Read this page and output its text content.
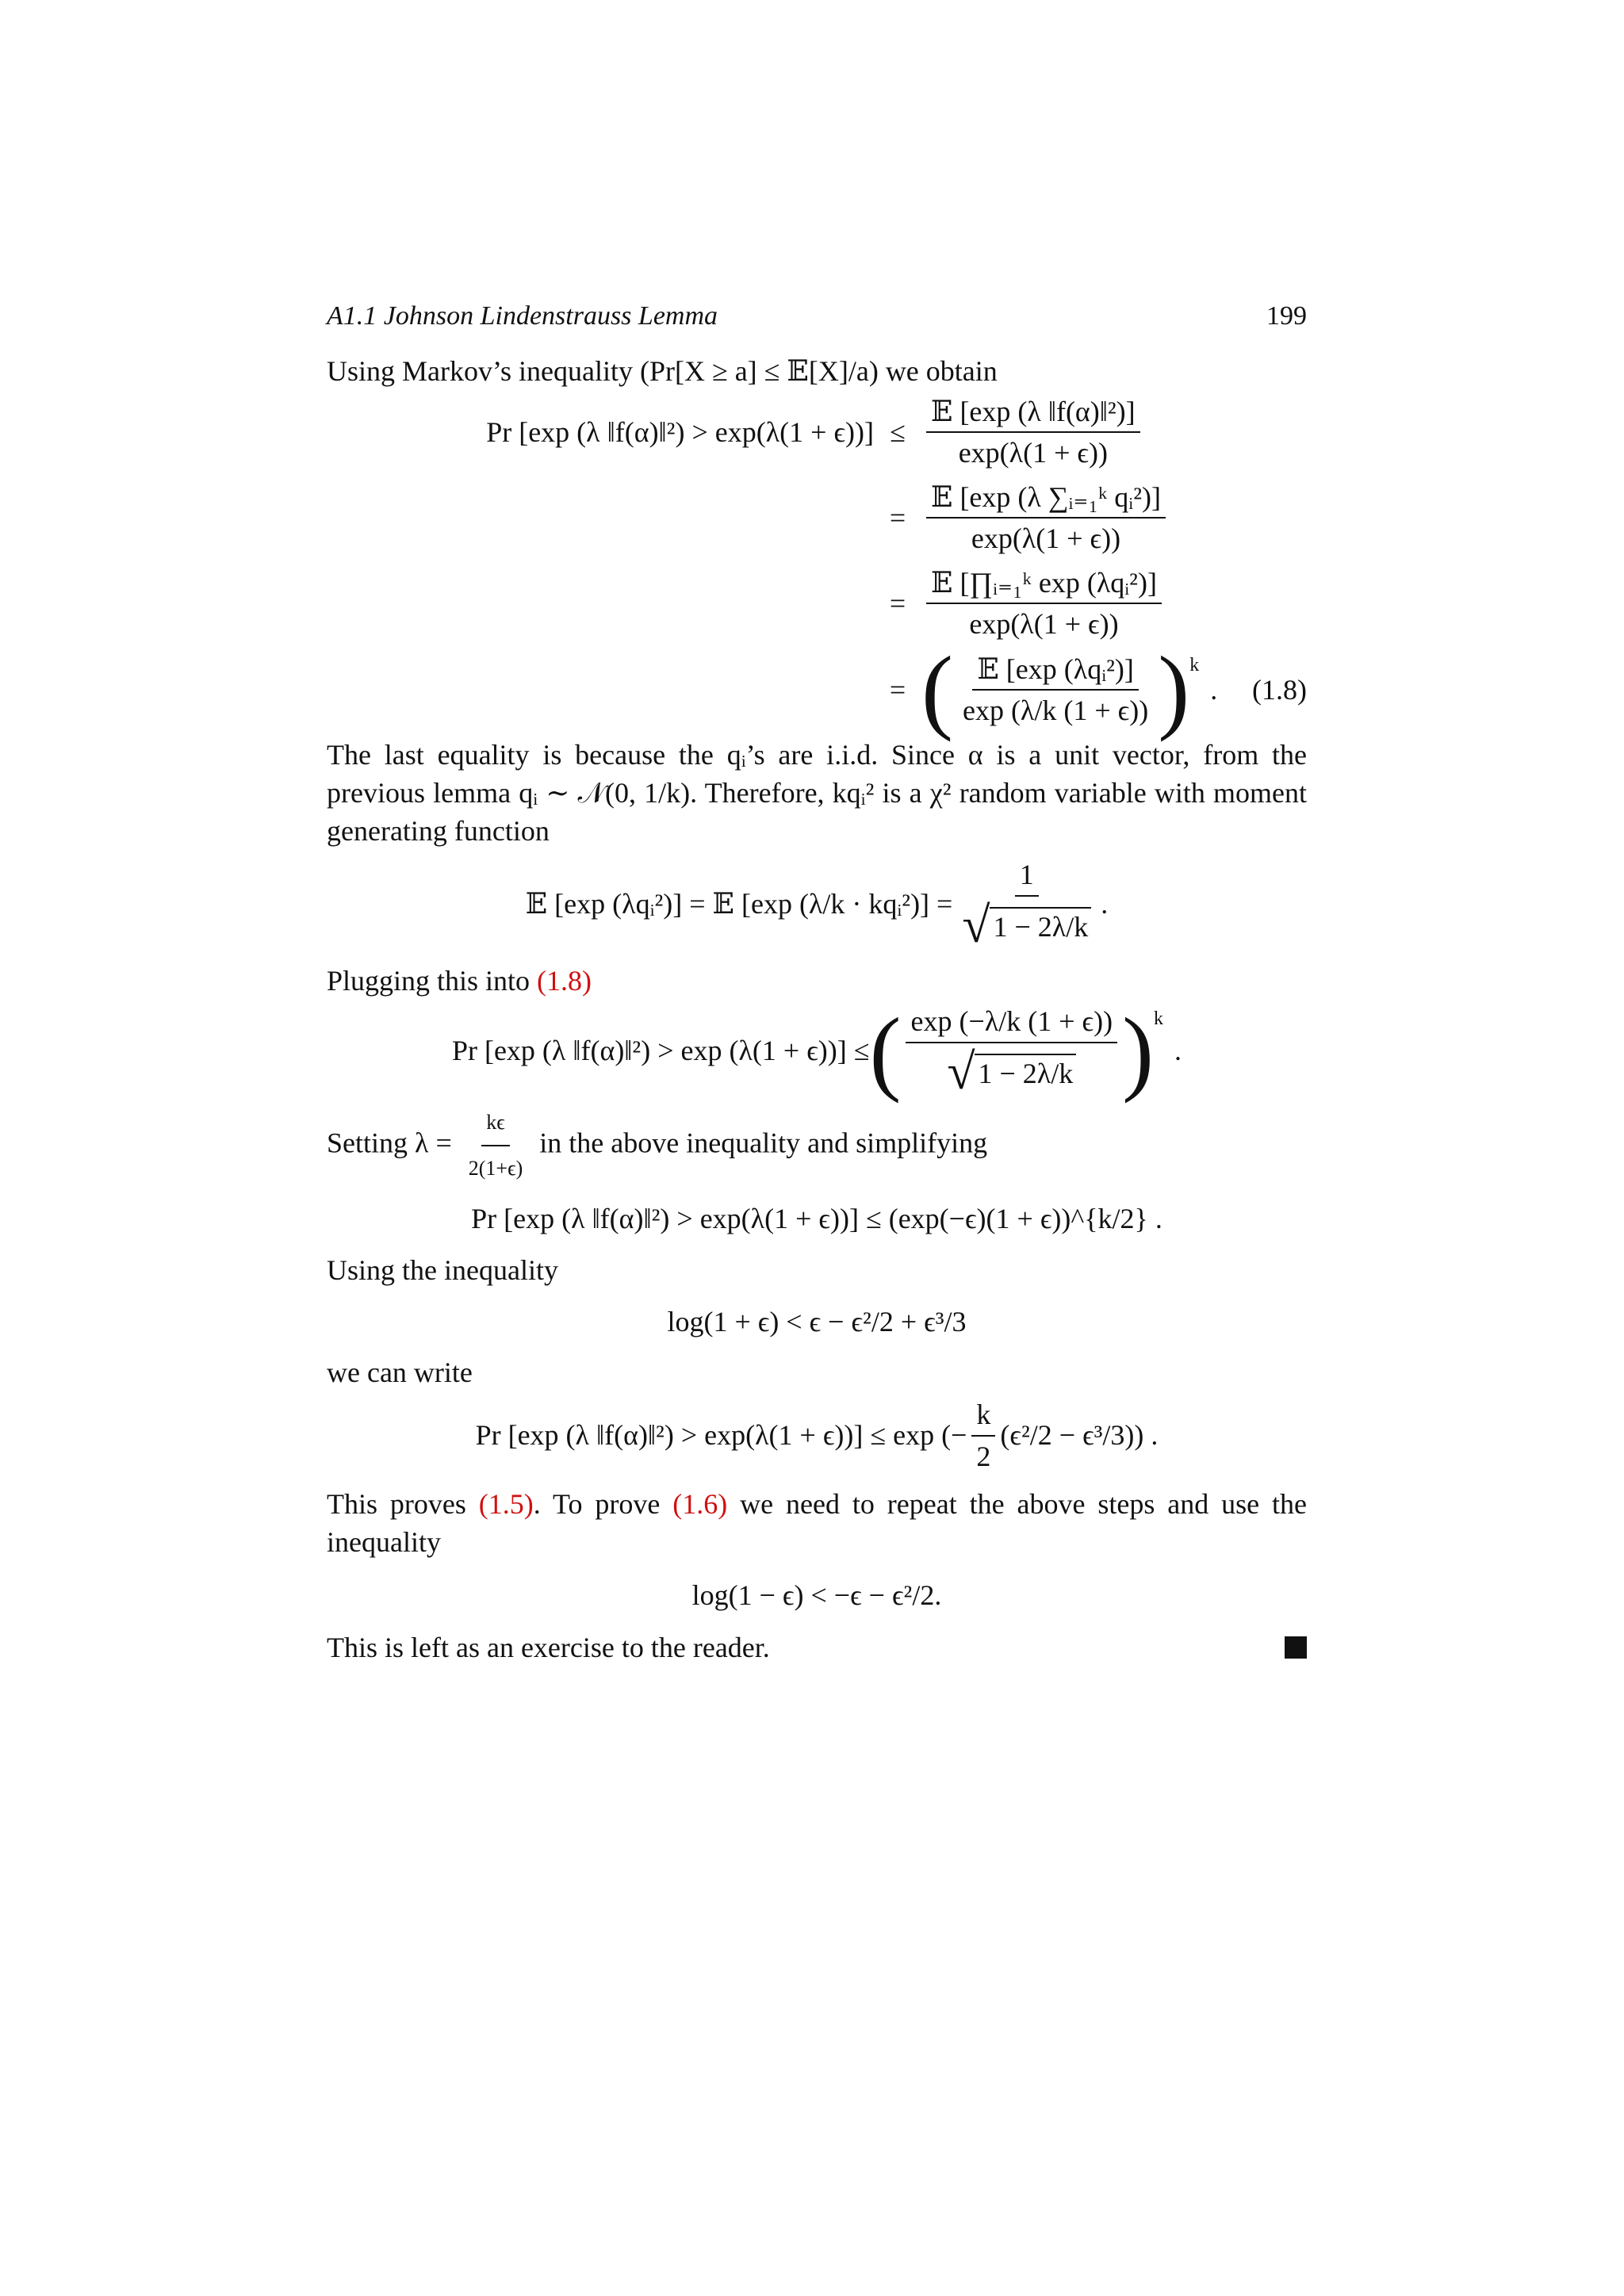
A1.1 Johnson Lindenstrauss Lemma	199

Using Markov’s inequality (Pr[X ≥ a] ≤ 𝔼[X]/a) we obtain

Pr [exp (λ ‖f(α)‖²) > $\exp(\lambda(1 + \epsilon))] \le \frac{\text{𝔼 [exp (λ ‖f(α)‖²)]}}{\exp(\lambda(1 + \epsilon))}$
= $\frac{\text{𝔼 [exp (λ ∑ᵢ₌₁ᵏ qᵢ²)]}}{\exp(\lambda(1 + \epsilon))}$
= $\frac{\text{𝔼 [∏ᵢ₌₁ᵏ exp (λqᵢ²)]}}{\exp(\lambda(1 + \epsilon))}$
= ( $\frac{\text{𝔼 [exp (λqᵢ²)]}}{\exp (\lambda/k (1 + \epsilon))}$ ) k
. (1.8)

The last equality is because the qᵢ’s are i.i.d. Since α is a unit vector, from the previous lemma qᵢ ∼ 𝒩(0, 1/k). Therefore, kqᵢ² is a χ² random variable with moment generating function

𝔼 [exp (λqᵢ²)] = 𝔼 [exp (λ/k · kqᵢ²)] = $\frac{1}{√ 1 - 2\lambda/k}$ .

Plugging this into (1.8)

Pr [exp (λ ‖f(α)‖²) > exp (λ(1 + ϵ))] ≤ ( $\frac{\exp (-\lambda/k (1 + \epsilon))}{√ 1 - 2\lambda/k}$ ) k
.

Setting $\lambda = \frac{k\epsilon}{2(1+\epsilon)}$ in the above inequality and simplifying

Pr [exp (λ ‖f(α)‖²) > exp(λ(1 + ϵ))] ≤ (exp(−ϵ)(1 + ϵ))^{k/2} .

Using the inequality

log(1 + ϵ) < ϵ − ϵ²/2 + ϵ³/3

we can write

Pr [exp (λ ‖f(α)‖²) > exp(λ(1 + ϵ))] ≤ exp (− $\frac{k}{2} (\epsilon^2/2 - \epsilon^3/3)$) .

This proves (1.5). To prove (1.6) we need to repeat the above steps and use the inequality

log(1 − ϵ) < −ϵ − ϵ²/2.

This is left as an exercise to the reader.
